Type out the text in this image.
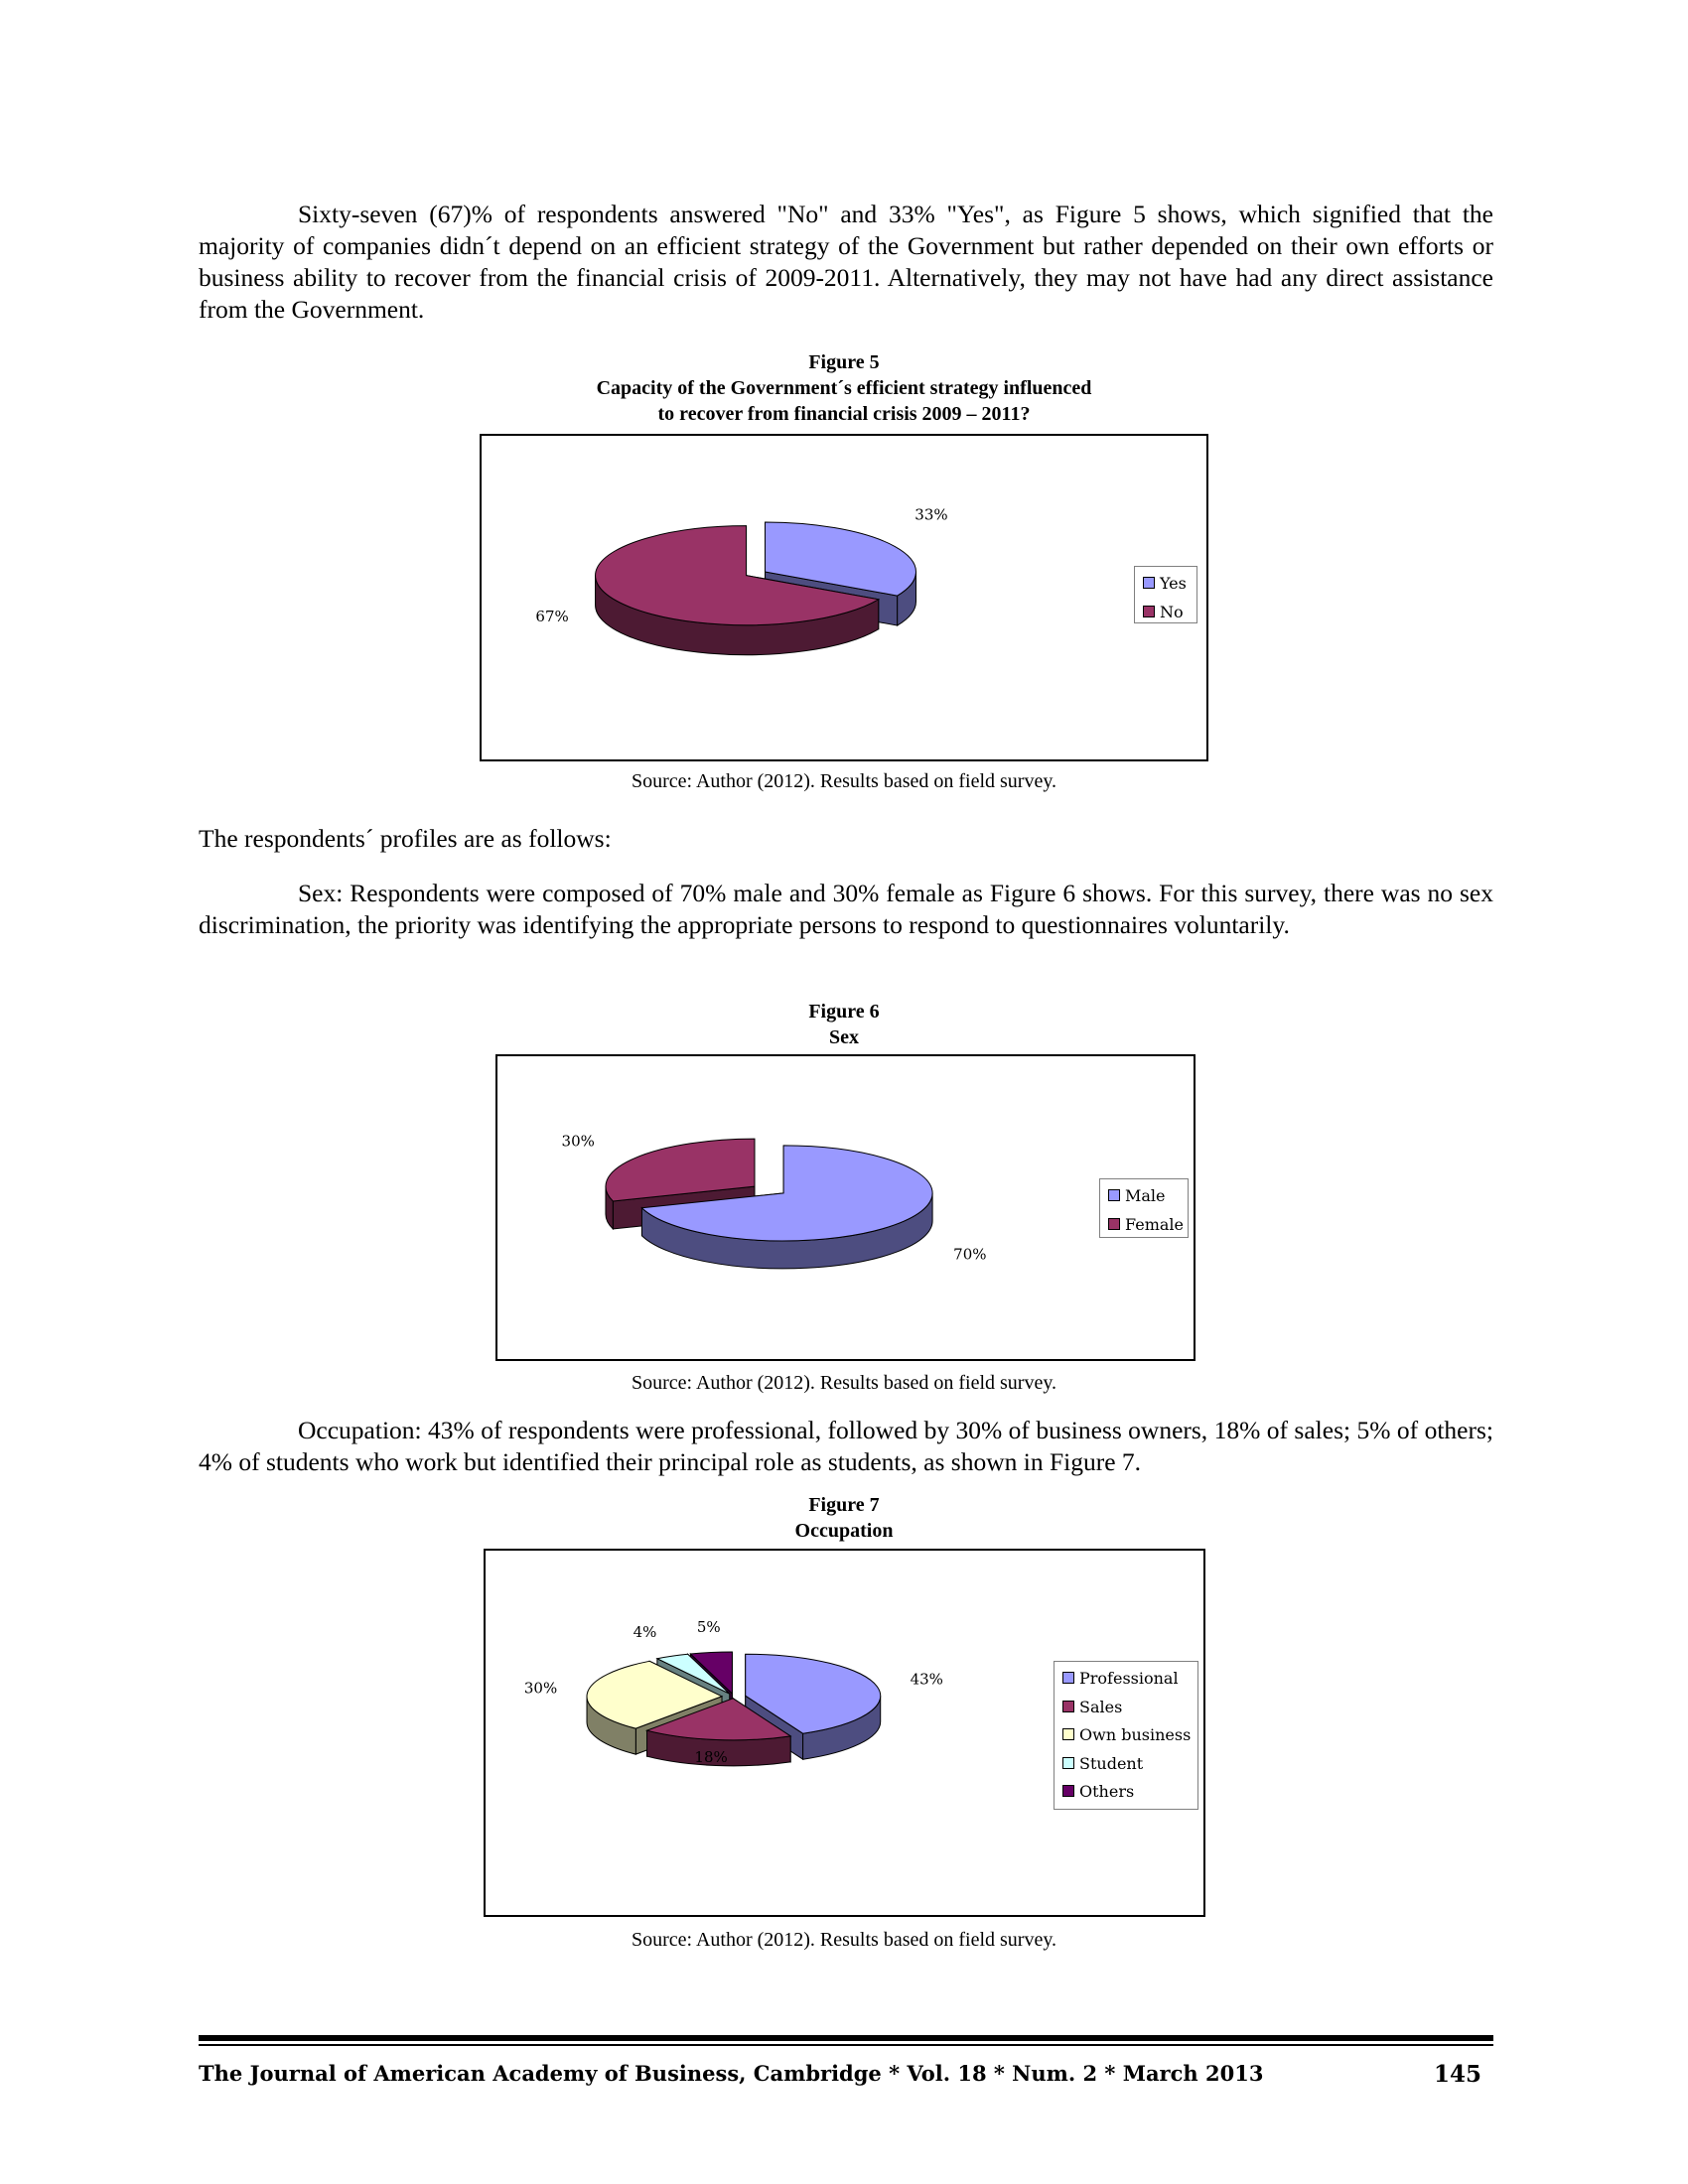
Sixty-seven (67)% of respondents answered "No" and 33% "Yes", as Figure 5 shows, which signified that the majority of companies didn´t depend on an efficient strategy of the Government but rather depended on their own efforts or business ability to recover from the financial crisis of 2009-2011. Alternatively, they may not have had any direct assistance from the Government.

Figure 5
Capacity of the Government´s efficient strategy influenced
to recover from financial crisis 2009 – 2011?
33%
67%
Yes
No
Source: Author (2012). Results based on field survey.

The respondents´ profiles are as follows:

Sex: Respondents were composed of 70% male and 30% female as Figure 6 shows. For this survey, there was no sex discrimination, the priority was identifying the appropriate persons to respond to questionnaires voluntarily.

Figure 6
Sex
70%
30%
Male
Female
Source: Author (2012). Results based on field survey.

Occupation: 43% of respondents were professional, followed by 30% of business owners, 18% of sales; 5% of others; 4% of students who work but identified their principal role as students, as shown in Figure 7.

Figure 7
Occupation
43%
18%
30%
4%	5%
Professional
Sales
Own business
Student
Others
Source: Author (2012). Results based on field survey.
The Journal of American Academy of Business, Cambridge * Vol. 18 * Num. 2 * March 2013	145
